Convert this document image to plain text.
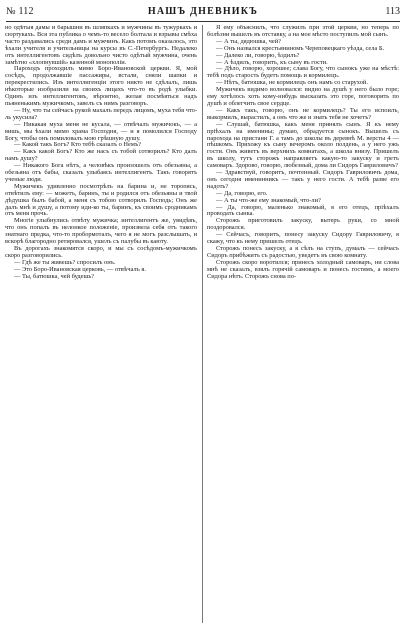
№ 112	НАШЪ ДНЕВНИКЪ	113

но одѣтыя дамы и барышни въ шляпкахъ и мужчины въ тужуркахъ и сюртукахъ. Вся эта публика о чемъ-то весело болтала и взрывы смѣха часто раздавались среди дамъ и мужчинъ. Какъ потомъ оказалось, это ѣхали учителя и учительницы на курсы въ С.-Петербургъ. Недалеко отъ интеллигентовъ сидѣлъ довольно чисто одѣтый мужчина, очень замѣтно «хлопнувшій» казенной монополіи.

Пароходъ проходилъ мимо Боро-Ивановской церкви. Я, мой сосѣдъ, продолжавшіе пассажиры, встали, сняли шапки и перекрестились. Изъ интеллигенціи этого никто не сдѣлалъ, лишь нѣкоторые изобразили на своихъ лицахъ что-то въ родѣ улыбки. Одинъ изъ интеллигентовъ, вѣроятно, желая посмѣяться надъ пьяненькимъ мужичкомъ, завелъ съ нимъ разговоръ.

— Ну, что ты сейчасъ рукой махалъ передъ лицомъ, муха тебя что-ль укусила?

— Никакая муха меня не кусала, — отвѣчалъ мужичокъ, — а вишь, мы ѣхали мимо храма Господня, — и я помолился Господу Богу, чтобы онъ помиловалъ мою грѣшную душу.

— Какой такъ Богъ? Кто тебѣ сказалъ о Немъ?

— Какъ какой Богъ? Кто же насъ съ тобой сотворилъ? Кто далъ намъ душу?

— Никакого Бога нѣтъ, а человѣкъ произошелъ отъ обезьяны, а обезьяна отъ бабы, сказалъ улыбаясь интеллигентъ. Такъ говорятъ ученые люди.

Мужичекъ удивленно посмотрѣлъ на барина и, не торопясь, отвѣтилъ ему: — можетъ, баринъ, ты и родился отъ обезьяны и твой дѣдушка былъ бабой, а меня съ тобою сотворилъ Господь; Онъ же далъ мнѣ и душу, а потому иди-ко ты, баринъ, къ своимъ сродникамъ отъ меня прочь.

Многіе улыбнулись отвѣту мужичка; интеллигентъ же, увидѣвъ, что онъ попалъ въ нелонкое положеніе, произвела себя отъ такого знатнаго предка, что-то пробормоталъ, чего я не могъ разслышать, и вскорѣ благородно ретировался, ушелъ съ палубы въ каюту.

Въ дорогахъ знакомятся скоро, и мы съ сосѣдомъ-мужичкомъ скоро разговорились.

— Гдѣ же ты живешь? спросилъ онъ.

— Это Боро-Ивановская церковь, — отвѣчалъ я.

— Ты, батюшка, чей будешь?

Я ему объяснилъ, что служилъ при этой церкви, но теперь по болѣзни вышелъ въ отставку, а на мое мѣсто поступилъ мой сынъ.

— А ты, дядюшка, чей?

— Онъ назвался крестьяниномъ Череповецкаго уѣзда, села Б.

— Далеко ли, говорю, ѣздилъ?

— А ѣздилъ, говоритъ, къ сыну въ гости.

— Дѣло, говорю, хорошее; слава Богу, что сынокъ уже на мѣстѣ: тебѣ подъ старость будетъ помощь и кормилецъ.

— Нѣтъ, батюшка, не кормилецъ онъ намъ со старухой.

Мужичекъ видимо волновался: видно на душѣ у него было горе; ему хотѣлось хоть кому-нибудь высказать это горе, поговорить по душѣ и облегчить свое сердце.

— Какъ такъ, говорю, онъ не кормилецъ? Ты его вспоилъ, выкормилъ, вырастилъ, а онъ что же и знать тебя не хочетъ?

— Слушай, батюшка, какъ меня принялъ сынъ. Я къ нему пріѣхалъ на именины; думаю, обрадуется сынокъ. Вышелъ съ парохода на пристани Г. а тамъ до школы въ деревнѣ М. версты 4 — пѣшкомъ. Прихожу къ сыну вечеромъ около полдень, а у него ужъ гости. Онъ живетъ въ верхнихъ комнатахъ, а школа внизу. Пришелъ въ школу, тутъ сторожъ направляетъ какую-то закуску и гретъ самоваръ. Здорово, говорю, любезный, дома ли Сидоръ Гавриловичъ?

— Здравствуй, говоритъ, почтенный. Сидоръ Гавриловичъ дома, онъ сегодня именинникъ — такъ у него гости. А тебѣ разве его надоть?

— Да, говорю, его.

— А ты что-же ему знакомый, что-ли?

— Да, говорю, маленько знакомый, я его отецъ, пріѣхалъ проводать сынка.

Сторожъ приготовилъ закуску, вытеръ руки, со мной поздоровался.

— Сейчасъ, говоритъ, понесу закуску Сидору Гавриловичу, я скажу, что къ нему пришелъ отецъ.

Сторожъ понесъ закуску, а я сѣлъ на ступъ, думалъ — сейчасъ Сидоръ прибѣжитъ съ радостью, уведетъ въ свою комнату.

Сторожъ скоро воротился; принесъ холодный самоваръ, ни слова мнѣ не сказалъ, взялъ горячій самоваръ и понесъ гостямъ, а моего Сидора нѣтъ. Сторожъ снова по-
